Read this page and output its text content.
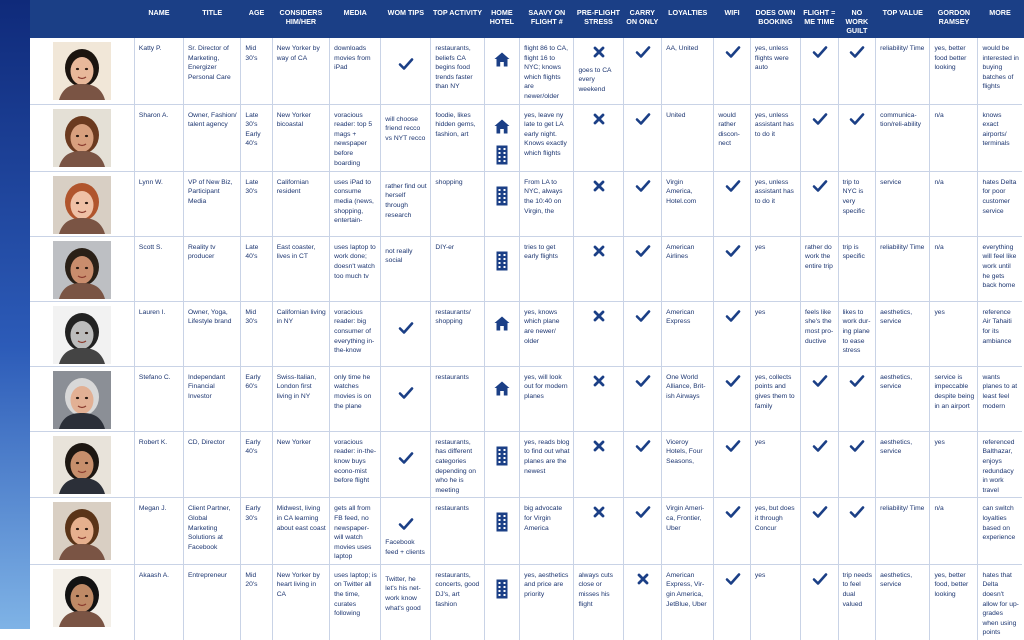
	NAME	TITLE	AGE	CONSIDERS HIM/HER	MEDIA	WOM TIPS	TOP ACTIVITY	HOME HOTEL	SAAVY ON FLIGHT #	PRE-FLIGHT STRESS	CARRY ON ONLY	LOYALTIES	WIFI	DOES OWN BOOKING	FLIGHT = ME TIME	NO WORK GUILT	TOP VALUE	GORDON RAMSEY	MORE

	Katty P.	Sr. Director of Marketing, Energizer Personal Care	Mid 30's	New Yorker by way of CA	downloads movies from iPad		restaurants, beliefs CA begins food trends faster than NY		flight 86 to CA, flight 16 to NYC; knows which flights are newer/older	goes to CA every weekend		AA, United		yes, unless flights were auto			reliability/ Time	yes, better food better looking	would be interested in buying batches of flights

	Sharon A.	Owner, Fashion/ talent agency	Late 30's Early 40's	New Yorker bicoastal	voracious reader: top 5 mags + newspaper before boarding	will choose friend recco vs NYT recco	foodie, likes hidden gems, fashion, art		yes, leave ny late to get LA early night. Knows exactly which flights			United	would rather discon-nect	yes, unless assistant has to do it			communica-tion/reli-ability	n/a	knows exact airports/ terminals

	Lynn W.	VP of New Biz, Participant Media	Late 30's	Californian resident	uses iPad to consume media (news, shopping, entertain-	rather find out herself through research	shopping		From LA to NYC, always the 10:40 on Virgin, the			Virgin America, Hotel.com		yes, unless assistant has to do it		trip to NYC is very specific	service	n/a	hates Delta for poor customer service

	Scott S.	Reality tv producer	Late 40's	East coaster, lives in CT	uses laptop to work done; doesn't watch too much tv	not really social	DIY-er		tries to get early flights			American Airlines		yes	rather do work the entire trip	trip is specific	reliability/ Time	n/a	everything will feel like work until he gets back home

	Lauren I.	Owner, Yoga, Lifestyle brand	Mid 30's	Californian living in NY	voracious reader: big consumer of everything in-the-know		restaurants/ shopping		yes, knows which plane are newer/ older			American Express		yes	feels like she's the most pro-ductive	likes to work dur-ing plane to ease stress	aesthetics, service	yes	reference Air Tahaiti for its ambiance

	Stefano C.	Independant Financial Investor	Early 60's	Swiss-Italian, London first living in NY	only time he watches movies is on the plane		restaurants		yes, will look out for modern planes			One World Alliance, Brit-ish Airways		yes, collects points and gives them to family			aesthetics, service	service is impeccable despite being in an airport	wants planes to at least feel modern

	Robert K.	CD, Director	Early 40's	New Yorker	voracious reader: in-the-know buys econo-mist before flight		restaurants, has different categories depending on who he is meeting		yes, reads blog to find out what planes are the newest			Viceroy Hotels, Four Seasons,		yes			aesthetics, service	yes	referenced Balthazar, enjoys redundacy in work travel

	Megan J.	Client Partner, Global Marketing Solutions at Facebook	Early 30's	Midwest, living in CA learning about east coast	gets all from FB feed, no newspaper- will watch movies uses laptop	Facebook feed + clients	restaurants		big advocate for Virgin America			Virgin Ameri-ca, Frontier, Uber		yes, but does it through Concur			reliability/ Time	n/a	can switch loyalties based on experience

	Akaash A.	Entrepreneur	Mid 20's	New Yorker by heart living in CA	uses laptop; is on Twitter all the time, curates following	Twitter, he let's his net-work know what's good	restaurants, concerts, good DJ's, art fashion		yes, aesthetics and price are priority	always cuts close or misses his flight		American Express, Vir-gin America, JetBlue, Uber		yes		trip needs to feel dual valued	aesthetics, service	yes, better food, better looking	hates that Delta doesn't allow for up-grades when using points
